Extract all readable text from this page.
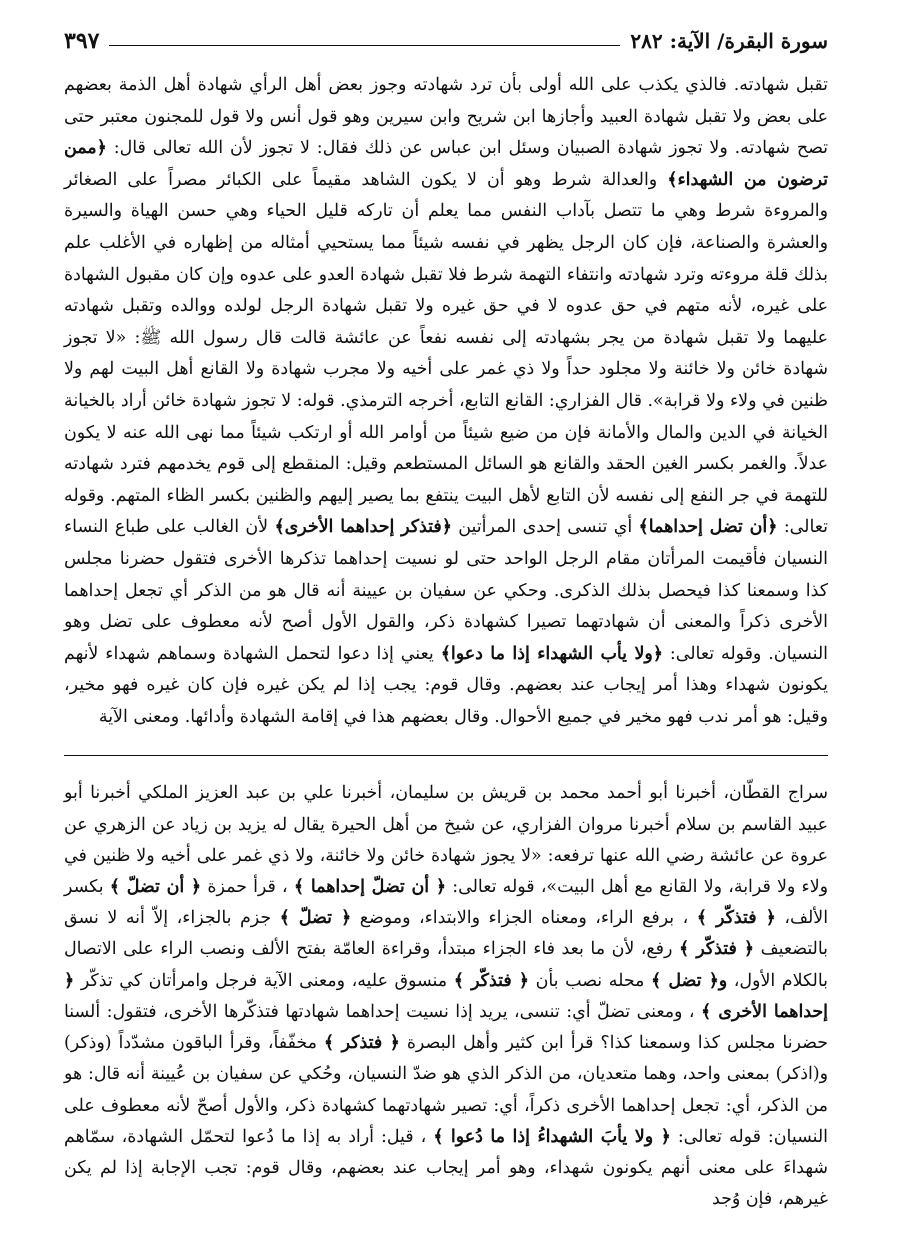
سورة البقرة/ الآية: ٢٨٢
٣٩٧
تقبل شهادته. فالذي يكذب على الله أولى بأن ترد شهادته وجوز بعض أهل الرأي شهادة أهل الذمة بعضهم على بعض ولا تقبل شهادة العبيد وأجازها ابن شريح وابن سيرين وهو قول أنس ولا قول للمجنون معتبر حتى تصح شهادته. ولا تجوز شهادة الصبيان وسئل ابن عباس عن ذلك فقال: لا تجوز لأن الله تعالى قال: ﴿ممن ترضون من الشهداء﴾ والعدالة شرط وهو أن لا يكون الشاهد مقيماً على الكبائر مصراً على الصغائر والمروءة شرط وهي ما تتصل بآداب النفس مما يعلم أن تاركه قليل الحياء وهي حسن الهياة والسيرة والعشرة والصناعة، فإن كان الرجل يظهر في نفسه شيئاً مما يستحيي أمثاله من إظهاره في الأغلب علم بذلك قلة مروءته وترد شهادته وانتفاء التهمة شرط فلا تقبل شهادة العدو على عدوه وإن كان مقبول الشهادة على غيره، لأنه متهم في حق عدوه لا في حق غيره ولا تقبل شهادة الرجل لولده ووالده وتقبل شهادته عليهما ولا تقبل شهادة من يجر بشهادته إلى نفسه نفعاً عن عائشة قالت قال رسول الله ﷺ: «لا تجوز شهادة خائن ولا خائنة ولا مجلود حداً ولا ذي غمر على أخيه ولا مجرب شهادة ولا القانع أهل البيت لهم ولا ظنين في ولاء ولا قرابة». قال الفزاري: القانع التابع، أخرجه الترمذي. قوله: لا تجوز شهادة خائن أراد بالخيانة الخيانة في الدين والمال والأمانة فإن من ضيع شيئاً من أوامر الله أو ارتكب شيئاً مما نهى الله عنه لا يكون عدلاً. والغمر بكسر الغين الحقد والقانع هو السائل المستطعم وقيل: المنقطع إلى قوم يخدمهم فترد شهادته للتهمة في جر النفع إلى نفسه لأن التابع لأهل البيت ينتفع بما يصير إليهم والظنين بكسر الظاء المتهم. وقوله تعالى: ﴿أن تضل إحداهما﴾ أي تنسى إحدى المرأتين ﴿فتذكر إحداهما الأخرى﴾ لأن الغالب على طباع النساء النسيان فأقيمت المرأتان مقام الرجل الواحد حتى لو نسيت إحداهما تذكرها الأخرى فتقول حضرنا مجلس كذا وسمعنا كذا فيحصل بذلك الذكرى. وحكي عن سفيان بن عيينة أنه قال هو من الذكر أي تجعل إحداهما الأخرى ذكراً والمعنى أن شهادتهما تصيرا كشهادة ذكر، والقول الأول أصح لأنه معطوف على تضل وهو النسيان. وقوله تعالى: ﴿ولا يأب الشهداء إذا ما دعوا﴾ يعني إذا دعوا لتحمل الشهادة وسماهم شهداء لأنهم يكونون شهداء وهذا أمر إيجاب عند بعضهم. وقال قوم: يجب إذا لم يكن غيره فإن كان غيره فهو مخير، وقيل: هو أمر ندب فهو مخير في جميع الأحوال. وقال بعضهم هذا في إقامة الشهادة وأدائها. ومعنى الآية
سراج القطّان، أخبرنا أبو أحمد محمد بن قريش بن سليمان، أخبرنا علي بن عبد العزيز الملكي أخبرنا أبو عبيد القاسم بن سلام أخبرنا مروان الفزاري، عن شيخ من أهل الحيرة يقال له يزيد بن زياد عن الزهري عن عروة عن عائشة رضي الله عنها ترفعه: «لا يجوز شهادة خائن ولا خائنة، ولا ذي غمر على أخيه ولا ظنين في ولاء ولا قرابة، ولا القانع مع أهل البيت»، قوله تعالى: ﴿ أن تضلّ إحداهما ﴾ ، قرأ حمزة ﴿ أن تضلّ ﴾ بكسر الألف، ﴿ فتذكّر ﴾ ، برفع الراء، ومعناه الجزاء والابتداء، وموضع ﴿ تضلّ ﴾ جزم بالجزاء، إلاّ أنه لا نسق بالتضعيف ﴿ فتذكّر ﴾ رفع، لأن ما بعد فاء الجزاء مبتدأ، وقراءة العامّة بفتح الألف ونصب الراء على الاتصال بالكلام الأول، و﴿ تضل ﴾ محله نصب بأن ﴿ فتذكّر ﴾ منسوق عليه، ومعنى الآية فرجل وامرأتان كي تذكّر ﴿ إحداهما الأخرى ﴾ ، ومعنى تضلّ أي: تنسى، يريد إذا نسيت إحداهما شهادتها فتذكّرها الأخرى، فتقول: ألسنا حضرنا مجلس كذا وسمعنا كذا؟ قرأ ابن كثير وأهل البصرة ﴿ فتذكر ﴾ مخفّفاً، وقرأ الباقون مشدّداً (وذكر) و(اذكر) بمعنى واحد، وهما متعديان، من الذكر الذي هو ضدّ النسيان، وحُكي عن سفيان بن عُيينة أنه قال: هو من الذكر، أي: تجعل إحداهما الأخرى ذكراً، أي: تصير شهادتهما كشهادة ذكر، والأول أصحّ لأنه معطوف على النسيان: قوله تعالى: ﴿ ولا يأبَ الشهداءُ إذا ما دُعوا ﴾ ، قيل: أراد به إذا ما دُعوا لتحمّل الشهادة، سمّاهم شهداءَ على معنى أنهم يكونون شهداء، وهو أمر إيجاب عند بعضهم، وقال قوم: تجب الإجابة إذا لم يكن غيرهم، فإن وُجد
